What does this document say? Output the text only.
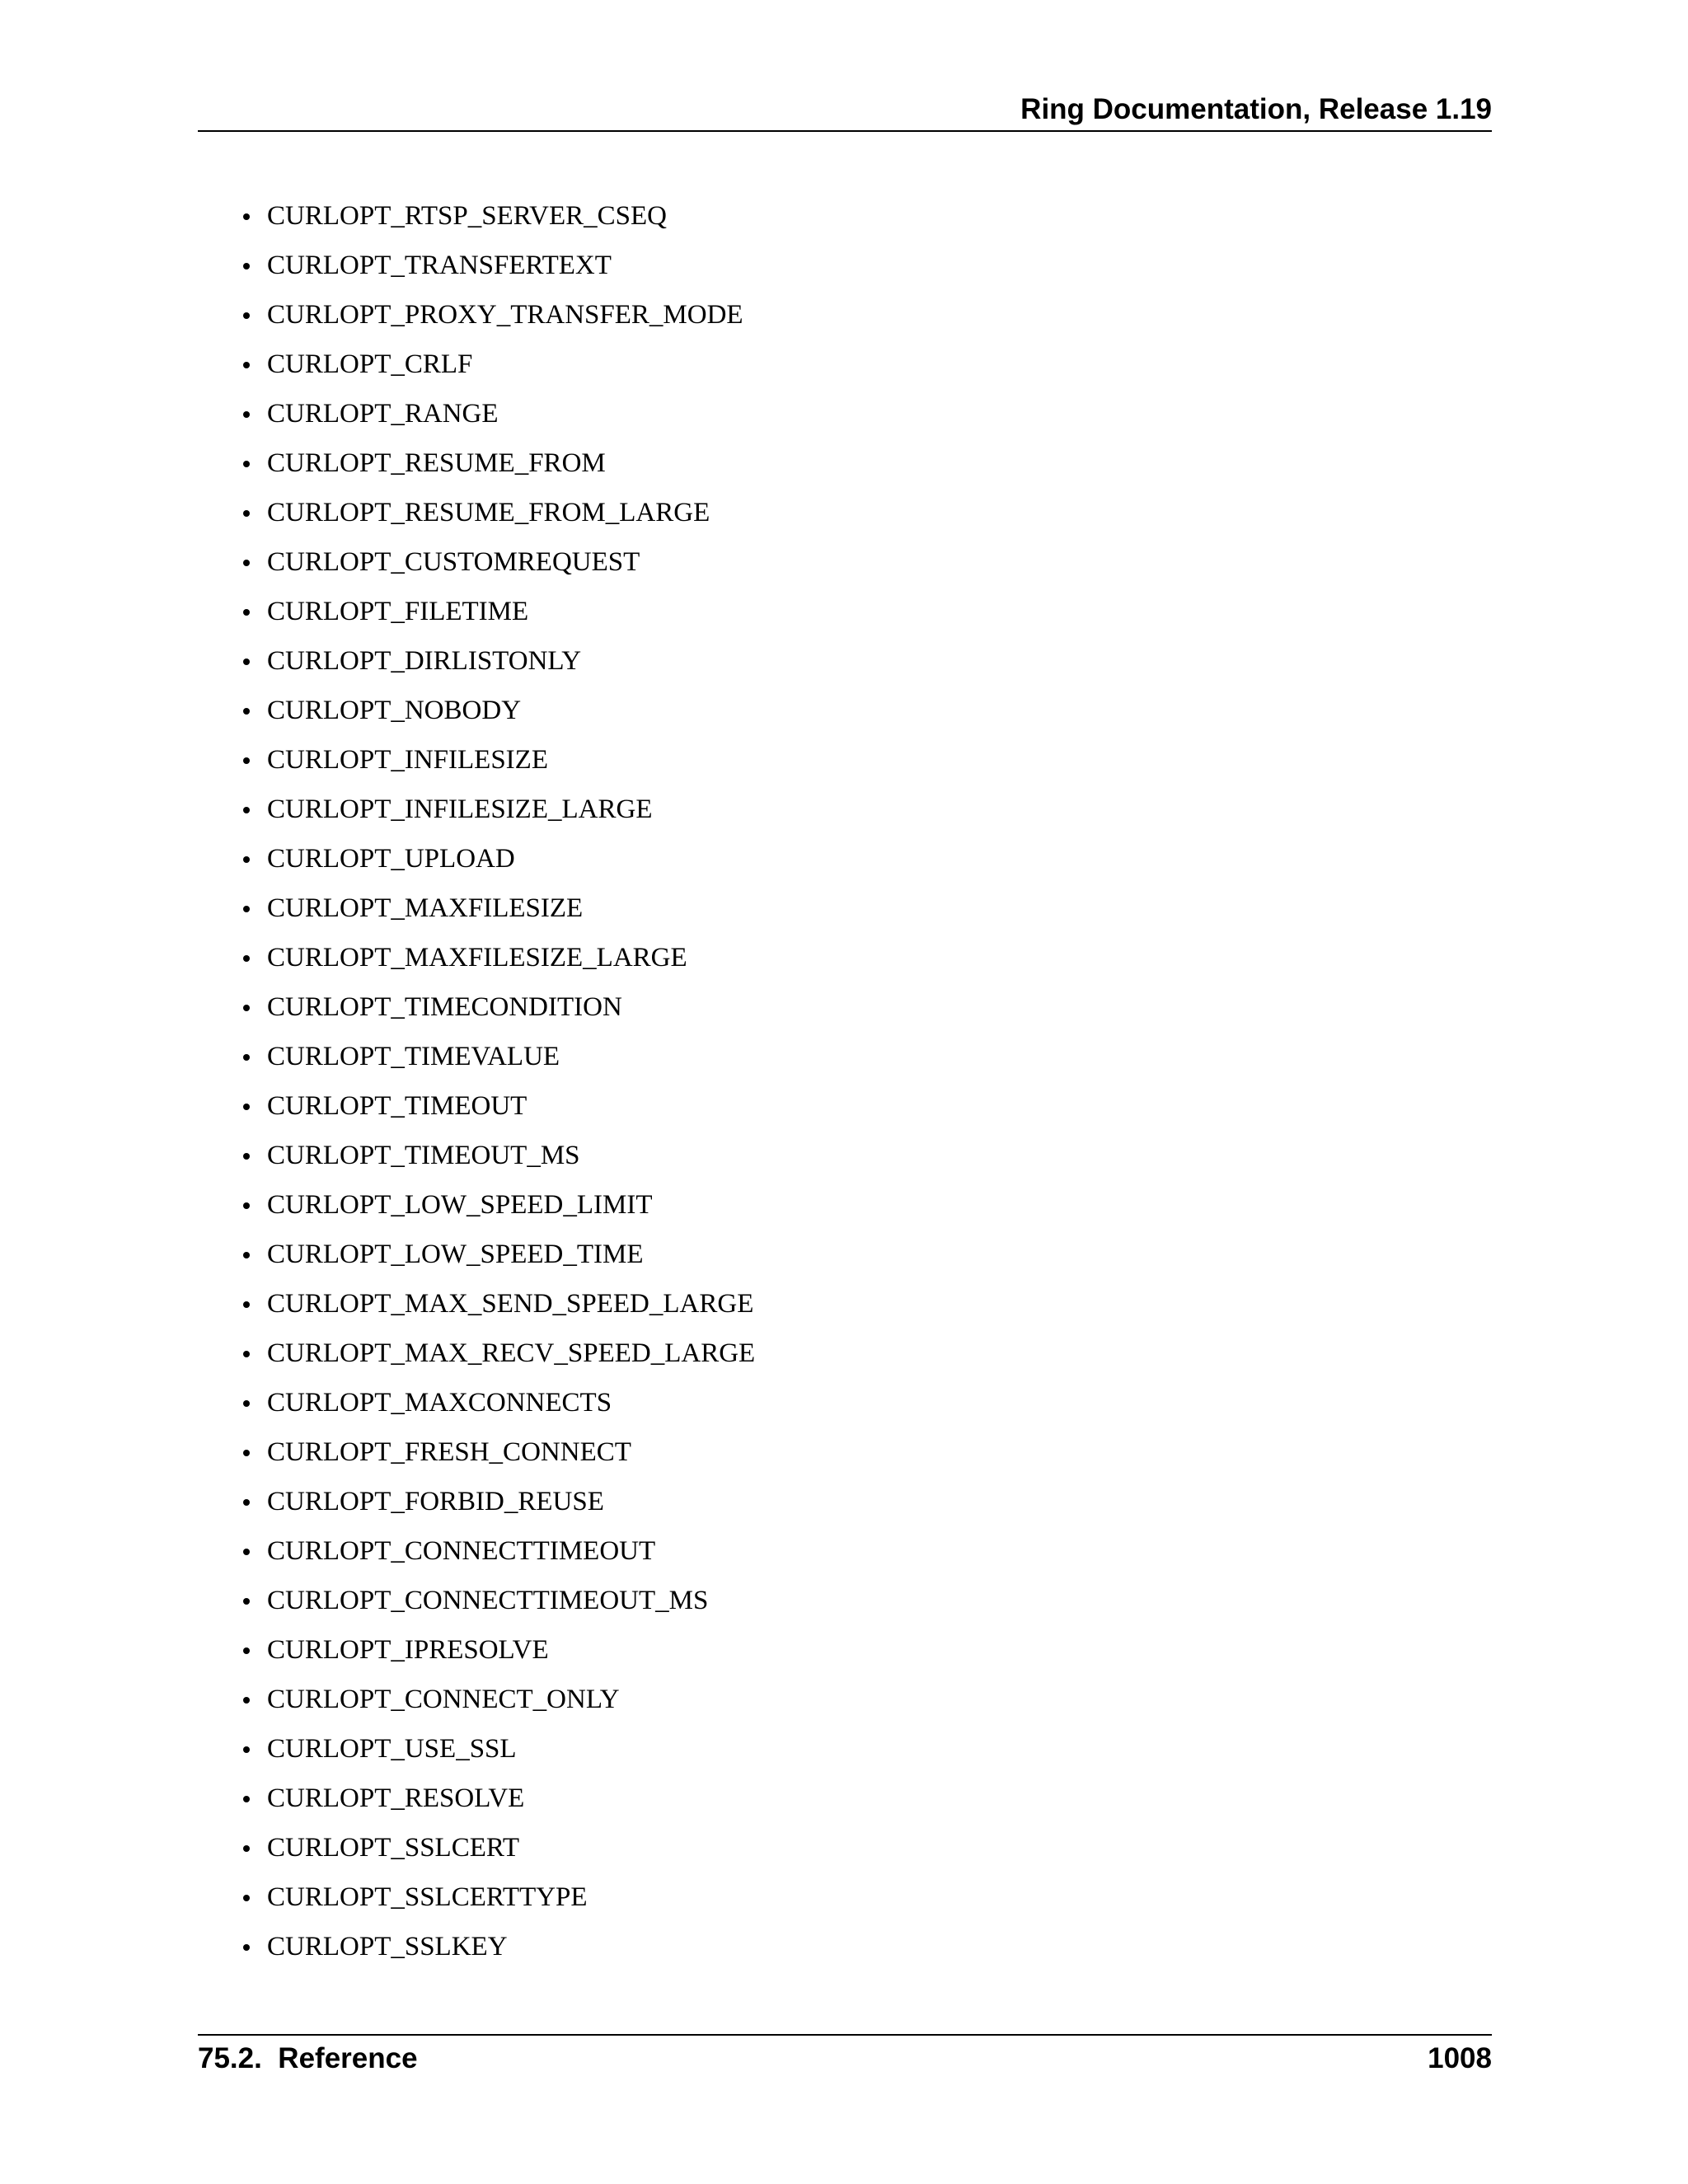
Ring Documentation, Release 1.19
CURLOPT_RTSP_SERVER_CSEQ
CURLOPT_TRANSFERTEXT
CURLOPT_PROXY_TRANSFER_MODE
CURLOPT_CRLF
CURLOPT_RANGE
CURLOPT_RESUME_FROM
CURLOPT_RESUME_FROM_LARGE
CURLOPT_CUSTOMREQUEST
CURLOPT_FILETIME
CURLOPT_DIRLISTONLY
CURLOPT_NOBODY
CURLOPT_INFILESIZE
CURLOPT_INFILESIZE_LARGE
CURLOPT_UPLOAD
CURLOPT_MAXFILESIZE
CURLOPT_MAXFILESIZE_LARGE
CURLOPT_TIMECONDITION
CURLOPT_TIMEVALUE
CURLOPT_TIMEOUT
CURLOPT_TIMEOUT_MS
CURLOPT_LOW_SPEED_LIMIT
CURLOPT_LOW_SPEED_TIME
CURLOPT_MAX_SEND_SPEED_LARGE
CURLOPT_MAX_RECV_SPEED_LARGE
CURLOPT_MAXCONNECTS
CURLOPT_FRESH_CONNECT
CURLOPT_FORBID_REUSE
CURLOPT_CONNECTTIMEOUT
CURLOPT_CONNECTTIMEOUT_MS
CURLOPT_IPRESOLVE
CURLOPT_CONNECT_ONLY
CURLOPT_USE_SSL
CURLOPT_RESOLVE
CURLOPT_SSLCERT
CURLOPT_SSLCERTTYPE
CURLOPT_SSLKEY
75.2.  Reference	1008
